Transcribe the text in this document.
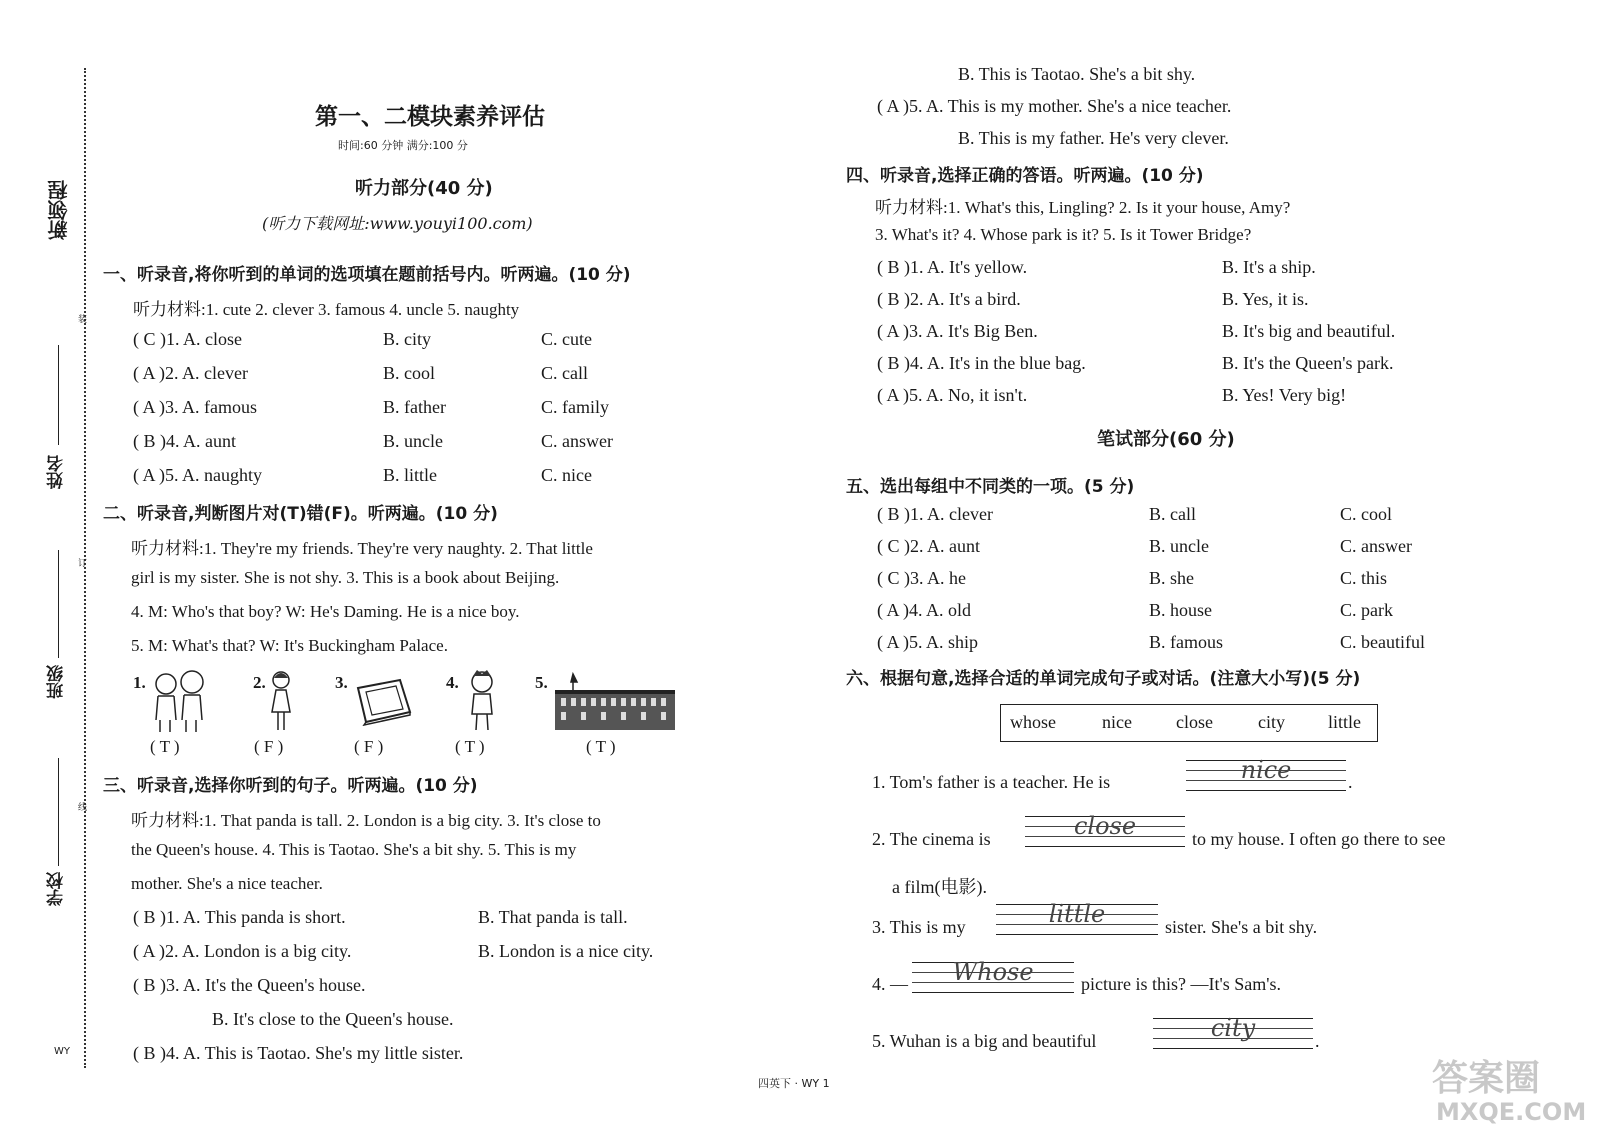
新领程
姓名
班级
学校
装
订
线
WY
第一、二模块素养评估
时间:60 分钟 满分:100 分
听力部分(40 分)
(听力下载网址:www.youyi100.com)
一、听录音,将你听到的单词的选项填在题前括号内。听两遍。(10 分)
听力材料:1. cute 2. clever 3. famous 4. uncle 5. naughty
( C )1. A. close	B. city	C. cute
( A )2. A. clever	B. cool	C. call
( A )3. A. famous	B. father	C. family
( B )4. A. aunt	B. uncle	C. answer
( A )5. A. naughty	B. little	C. nice
二、听录音,判断图片对(T)错(F)。听两遍。(10 分)
听力材料:1. They're my friends. They're very naughty. 2. That little
girl is my sister. She is not shy. 3. This is a book about Beijing.
4. M: Who's that boy? W: He's Daming. He is a nice boy.
5. M: What's that? W: It's Buckingham Palace.
1.	2.	3.	4.	5.
( T )	( F )	( F )	( T )	( T )
三、听录音,选择你听到的句子。听两遍。(10 分)
听力材料:1. That panda is tall. 2. London is a big city. 3. It's close to
the Queen's house. 4. This is Taotao. She's a bit shy. 5. This is my
mother. She's a nice teacher.
( B )1. A. This panda is short.	B. That panda is tall.
( A )2. A. London is a big city.	B. London is a nice city.
( B )3. A. It's the Queen's house.
B. It's close to the Queen's house.
( B )4. A. This is Taotao. She's my little sister.
B. This is Taotao. She's a bit shy.
( A )5. A. This is my mother. She's a nice teacher.
B. This is my father. He's very clever.
四、听录音,选择正确的答语。听两遍。(10 分)
听力材料:1. What's this, Lingling? 2. Is it your house, Amy?
3. What's it? 4. Whose park is it? 5. Is it Tower Bridge?
( B )1. A. It's yellow.	B. It's a ship.
( B )2. A. It's a bird.	B. Yes, it is.
( A )3. A. It's Big Ben.	B. It's big and beautiful.
( B )4. A. It's in the blue bag.	B. It's the Queen's park.
( A )5. A. No, it isn't.	B. Yes! Very big!
笔试部分(60 分)
五、选出每组中不同类的一项。(5 分)
( B )1. A. clever	B. call	C. cool
( C )2. A. aunt	B. uncle	C. answer
( C )3. A. he	B. she	C. this
( A )4. A. old	B. house	C. park
( A )5. A. ship	B. famous	C. beautiful
六、根据句意,选择合适的单词完成句子或对话。(注意大小写)(5 分)
whose	nice close	city little
1. Tom's father is a teacher. He is	nice	.
2. The cinema is	close	to my house. I often go there to see
a film(电影).
3. This is my	little	sister. She's a bit shy.
4. —	Whose	picture is this? —It's Sam's.
5. Wuhan is a big and beautiful	city	.
四英下 · WY 1	答案圈
MXQE.COM
